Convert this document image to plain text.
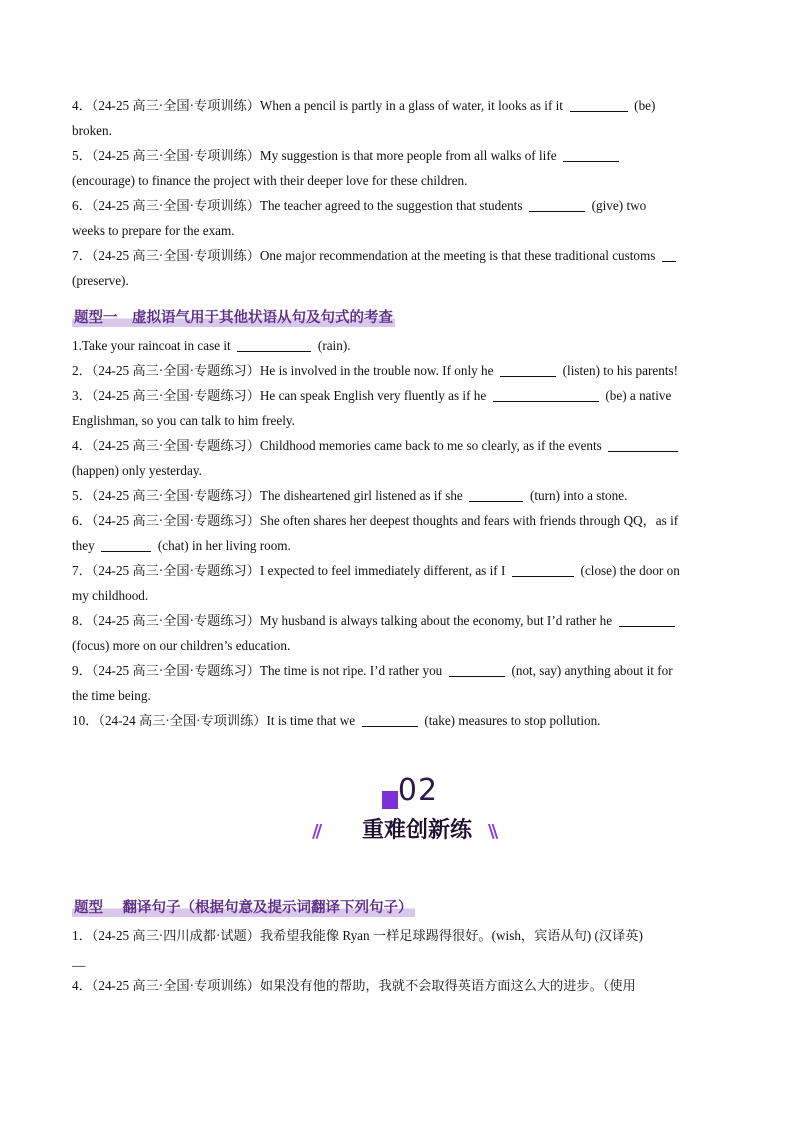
4．（24-25 高三·全国·专项训练）When a pencil is partly in a glass of water, it looks as if it  	(be)
broken.
5．（24-25 高三·全国·专项训练）My suggestion is that more people from all walks of life 
(encourage) to finance the project with their deeper love for these children.
6．（24-25 高三·全国·专项训练）The teacher agreed to the suggestion that students  	(give) two
weeks to prepare for the exam.
7．（24-25 高三·全国·专项训练）One major recommendation at the meeting is that these traditional customs 
(preserve).
题型一　虚拟语气用于其他状语从句及句式的考查
1.Take your raincoat in case it  	(rain).
2．（24-25 高三·全国·专题练习）He is involved in the trouble now. If only he  	(listen) to his parents!
3．（24-25 高三·全国·专题练习）He can speak English very fluently as if he  	(be) a native
Englishman, so you can talk to him freely.
4．（24-25 高三·全国·专题练习）Childhood memories came back to me so clearly, as if the events 
(happen) only yesterday.
5．（24-25 高三·全国·专题练习）The disheartened girl listened as if she  	(turn) into a stone.
6．（24-25 高三·全国·专题练习）She often shares her deepest thoughts and fears with friends through QQ，as if
they  	(chat) in her living room.
7．（24-25 高三·全国·专题练习）I expected to feel immediately different, as if I  	(close) the door on
my childhood.
8．（24-25 高三·全国·专题练习）My husband is always talking about the economy, but I’d rather he 
(focus) more on our children’s education.
9．（24-25 高三·全国·专题练习）The time is not ripe. I’d rather you  	(not, say) anything about it for
the time being.
10．（24-24 高三·全国·专项训练）It is time that we  	(take) measures to stop pollution.
02
//	重难创新练 \\
题型　 翻译句子（根据句意及提示词翻译下列句子）
1．（24-25 高三·四川成都·试题）我希望我能像 Ryan 一样足球踢得很好。(wish，宾语从句) (汉译英)
__
4．（24-25 高三·全国·专项训练）如果没有他的帮助，我就不会取得英语方面这么大的进步。（使用
